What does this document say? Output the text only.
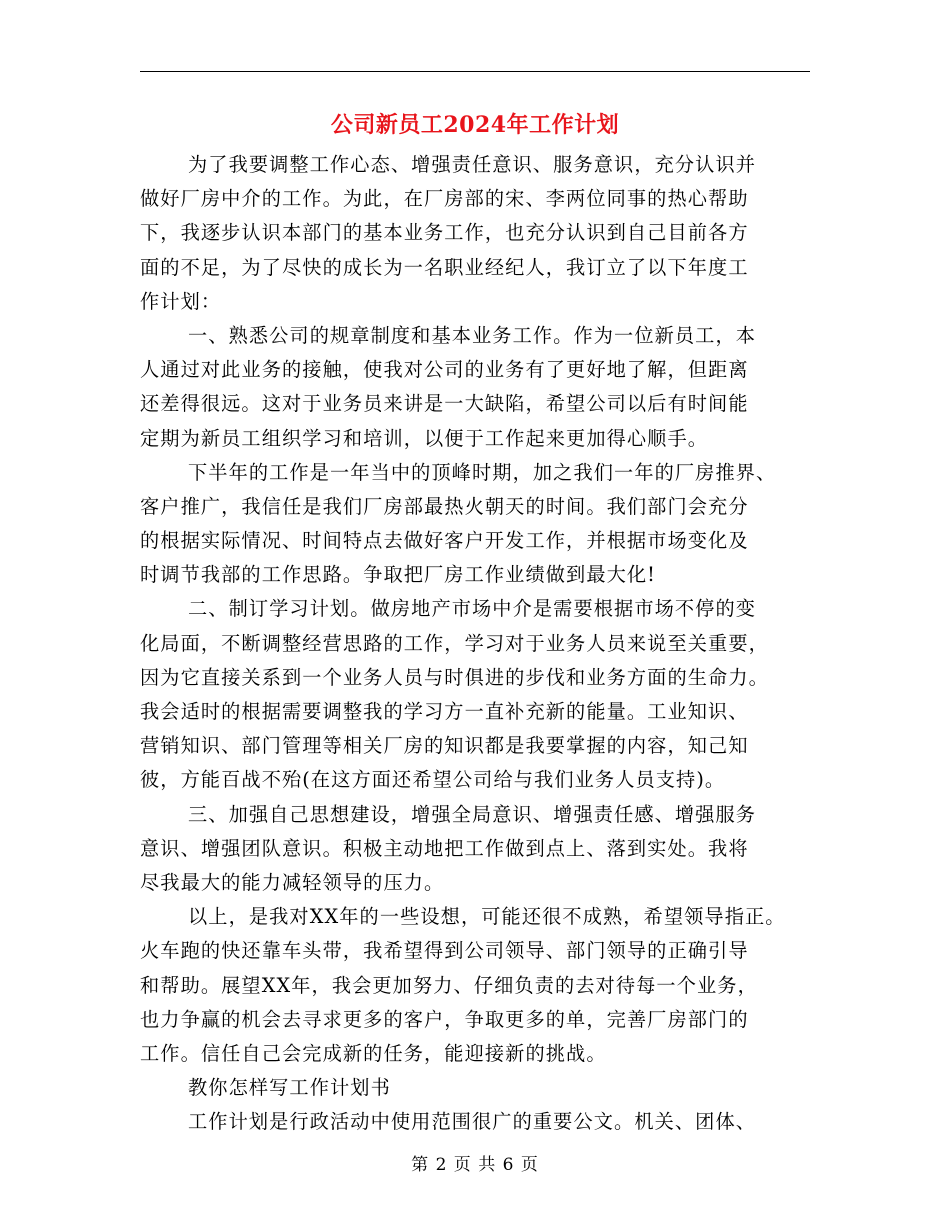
公司新员工2024年工作计划
为了我要调整工作心态、增强责任意识、服务意识，充分认识并
做好厂房中介的工作。为此，在厂房部的宋、李两位同事的热心帮助
下，我逐步认识本部门的基本业务工作，也充分认识到自己目前各方
面的不足，为了尽快的成长为一名职业经纪人，我订立了以下年度工
作计划：
一、熟悉公司的规章制度和基本业务工作。作为一位新员工，本
人通过对此业务的接触，使我对公司的业务有了更好地了解，但距离
还差得很远。这对于业务员来讲是一大缺陷，希望公司以后有时间能
定期为新员工组织学习和培训，以便于工作起来更加得心顺手。
下半年的工作是一年当中的顶峰时期，加之我们一年的厂房推界、
客户推广，我信任是我们厂房部最热火朝天的时间。我们部门会充分
的根据实际情况、时间特点去做好客户开发工作，并根据市场变化及
时调节我部的工作思路。争取把厂房工作业绩做到最大化!
二、制订学习计划。做房地产市场中介是需要根据市场不停的变
化局面，不断调整经营思路的工作，学习对于业务人员来说至关重要，
因为它直接关系到一个业务人员与时俱进的步伐和业务方面的生命力。
我会适时的根据需要调整我的学习方一直补充新的能量。工业知识、
营销知识、部门管理等相关厂房的知识都是我要掌握的内容，知己知
彼，方能百战不殆(在这方面还希望公司给与我们业务人员支持)。
三、加强自己思想建设，增强全局意识、增强责任感、增强服务
意识、增强团队意识。积极主动地把工作做到点上、落到实处。我将
尽我最大的能力减轻领导的压力。
以上，是我对XX年的一些设想，可能还很不成熟，希望领导指正。
火车跑的快还靠车头带，我希望得到公司领导、部门领导的正确引导
和帮助。展望XX年，我会更加努力、仔细负责的去对待每一个业务，
也力争赢的机会去寻求更多的客户，争取更多的单，完善厂房部门的
工作。信任自己会完成新的任务，能迎接新的挑战。
教你怎样写工作计划书
工作计划是行政活动中使用范围很广的重要公文。机关、团体、
第 2 页 共 6 页
